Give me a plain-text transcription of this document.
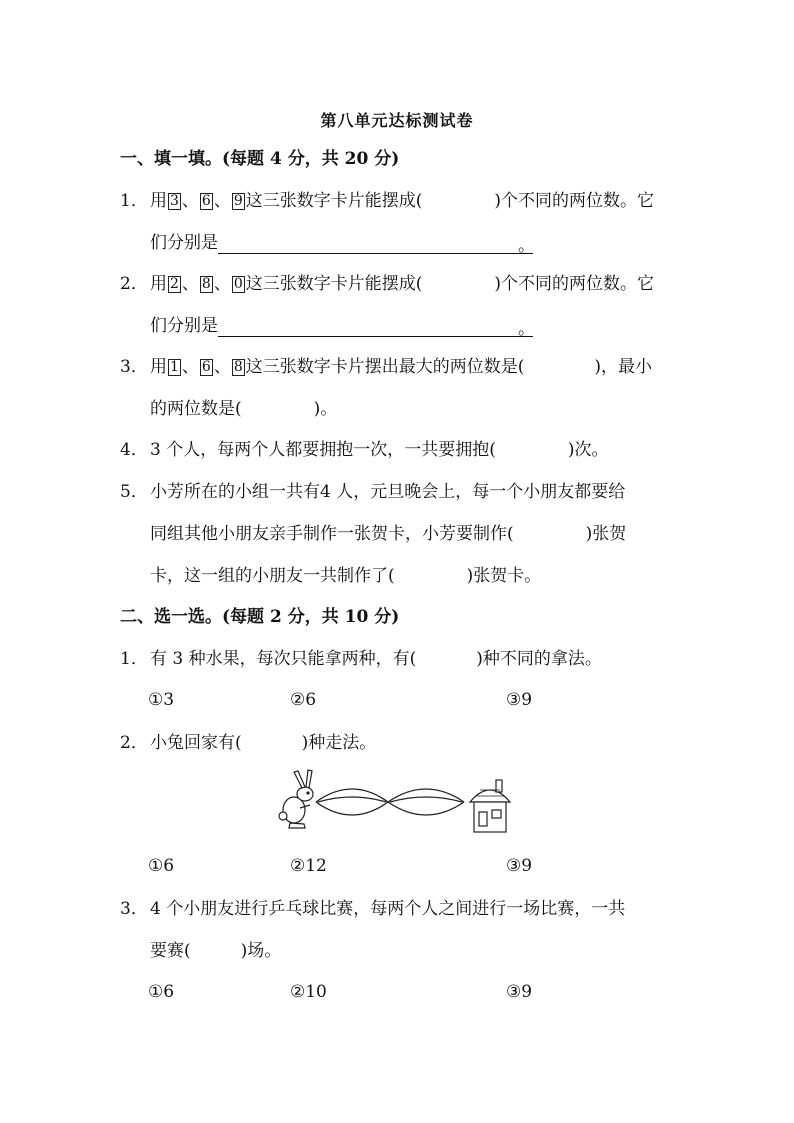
第八单元达标测试卷
一、填一填。(每题 4 分，共 20 分)
1． 用 3 、 6 、 9 这三张数字卡片能摆成(	)个不同的两位数。它
们分别是	。
2． 用 2 、 8 、 0 这三张数字卡片能摆成(	)个不同的两位数。它
们分别是	。
3． 用 1 、 6 、 8 这三张数字卡片摆出最大的两位数是(	)，最小
的两位数是(	)。
4． 3 个人，每两个人都要拥抱一次，一共要拥抱(	)次。
5． 小芳所在的小组一共有4 人，元旦晚会上，每一个小朋友都要给
同组其他小朋友亲手制作一张贺卡，小芳要制作(	)张贺
卡，这一组的小朋友一共制作了(	)张贺卡。
二、选一选。(每题 2 分，共 10 分)
1． 有 3 种水果，每次只能拿两种，有(	)种不同的拿法。
①3	②6	③9
2． 小兔回家有(	)种走法。
①6	②12	③9
3． 4 个小朋友进行乒乓球比赛，每两个人之间进行一场比赛，一共
要赛(	)场。
①6	②10	③9
